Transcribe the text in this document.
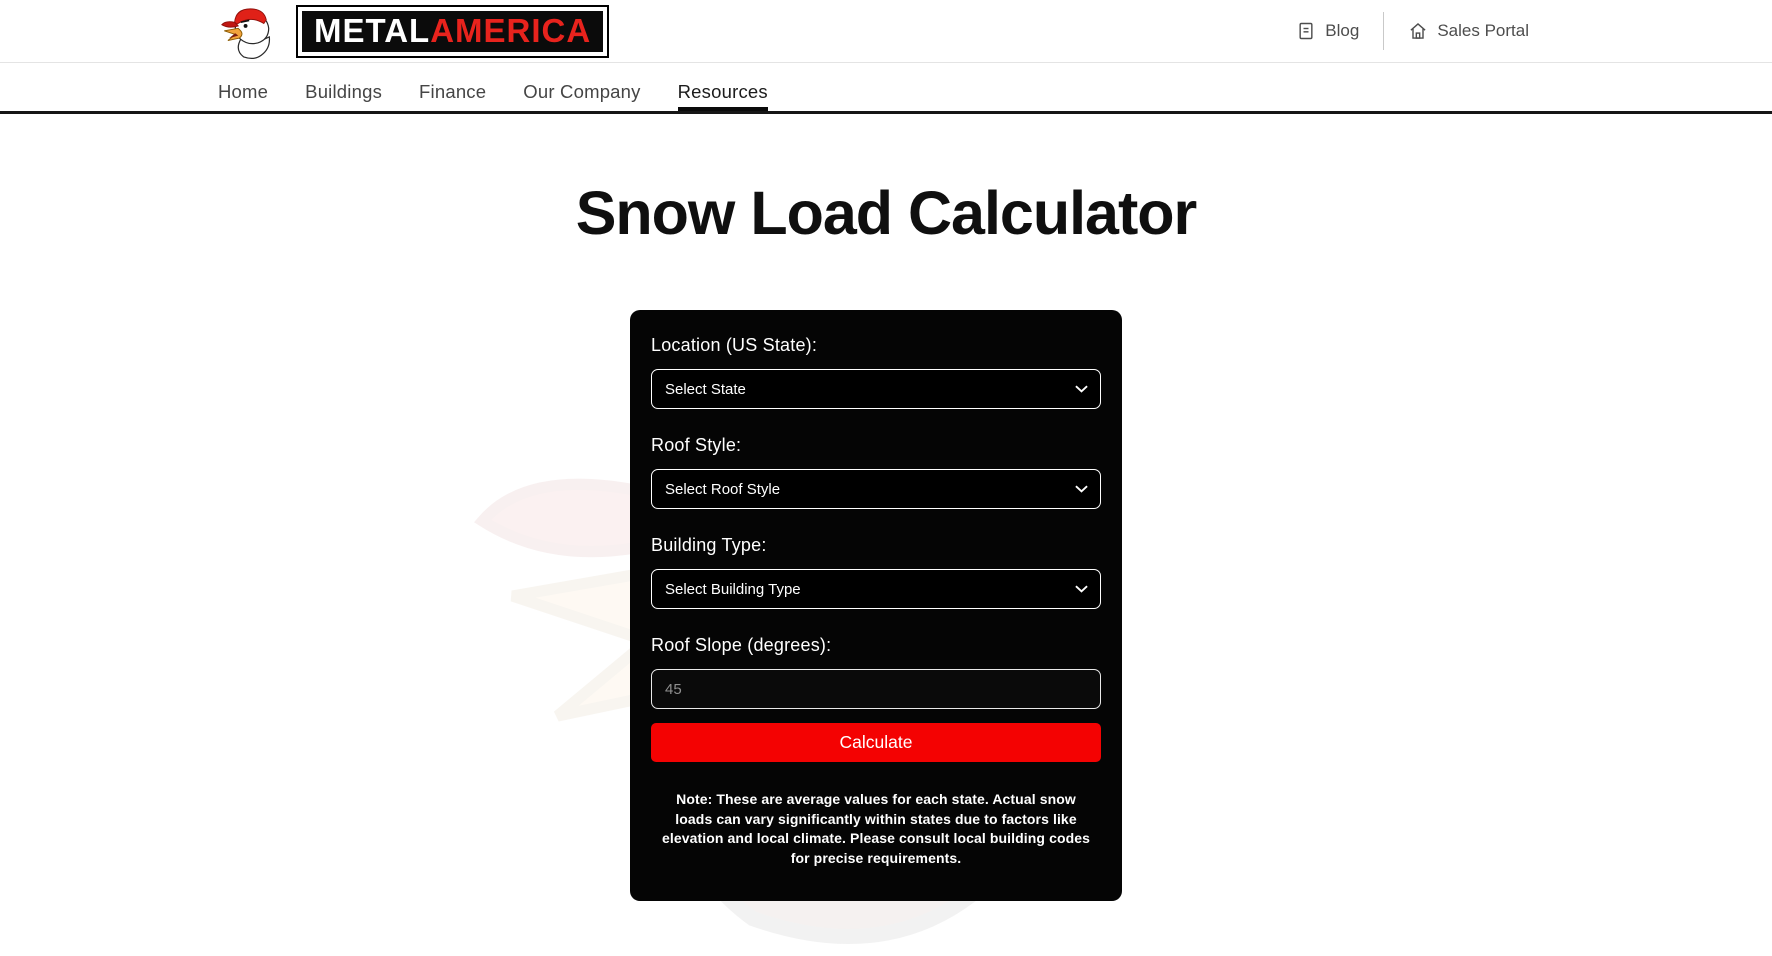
METAL AMERICA	Blog	Sales Portal
Home Buildings Finance Our Company Resources
Snow Load Calculator
Location (US State):
Select State
Roof Style:
Select Roof Style
Building Type:
Select Building Type
Roof Slope (degrees):
45
Calculate

Note: These are average values for each state. Actual snow loads can vary significantly within states due to factors like elevation and local climate. Please consult local building codes for precise requirements.
